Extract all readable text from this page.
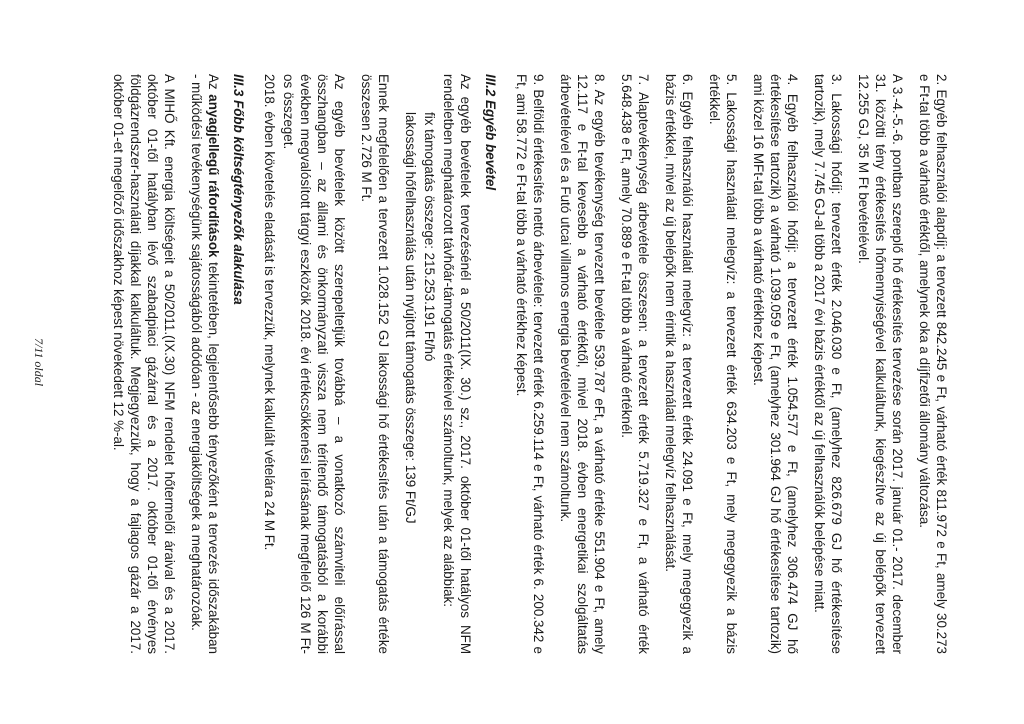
2. Egyéb felhasználói alapdíj: a tervezett 842.245 e Ft, várható érték 811.972 e Ft, amely 30.273 e Ft-tal több a várható értéktől, amelynek oka a díjfizetői állomány változása.

A 3.-4.-5.-6. pontban szereplő hő értékesítés tervezése során 2017. január 01.- 2017. december 31. közötti tény értékesítés hőmennyiségével kalkuláltunk, kiegészítve az új belépők tervezett 12.255 GJ, 35 M Ft bevételével.

3. Lakossági hődíj: tervezett érték 2.046.030 e Ft, (amelyhez 826.679 GJ hő értékesítése tartozik), mely 7.745 GJ-al több a 2017 évi bázis értéktől az új felhasználók belépése miatt.

4. Egyéb felhasználói hődíj: a tervezett érték 1.054.577 e Ft, (amelyhez 306.474 GJ hő értékesítése tartozik) a várható 1.039.059 e Ft, (amelyhez 301.964 GJ hő értékesítése tartozik) ami közel 16 MFt-tal több a várható értékhez képest.

5. Lakossági használati melegvíz: a tervezett érték 634.203 e Ft, mely megegyezik a bázis értékkel.

6. Egyéb felhasználói használati melegvíz: a tervezett érték 24.091 e Ft, mely megegyezik a bázis értékkel, mivel az új belépők nem érintik a használati melegvíz felhasználását.

7. Alaptevékenység árbevétele összesen: a tervezett érték 5.719.327 e Ft, a várható érték 5.648.438 e Ft, amely 70.889 e Ft-tal több a várható értéknél.

8. Az egyéb tevékenység tervezett bevétele 539.787 eFt, a várható értéke 551.904 e Ft, amely 12.117 e Ft-tal kevesebb a várható értéktől, mivel 2018. évben energetikai szolgáltatás árbevételével és a Futó utcai villamos energia bevételével nem számoltunk.

9. Belföldi értékesítés nettó árbevétele: tervezett érték 6.259.114 e Ft, várható érték 6. 200.342 e Ft, ami 58.772 e Ft-tal több a várható értékhez képest.

III.2 Egyéb bevétel

Az egyéb bevételek tervezésénél a 50/2011(IX. 30.) sz., 2017. október 01-től hatályos NFM rendeletben meghatározott távhőár-támogatás értékeivel számoltunk, melyek az alábbiak:

fix támogatás összege: 215.253.191 Ft/hó
lakossági hőfelhasználás után nyújtott támogatás összege: 139 Ft/GJ

Ennek megfelelően a tervezett 1.028.152 GJ lakossági hő értékesítés után a támogatás értéke összesen 2.726 M Ft.

Az egyéb bevételek között szerepeltetjük továbbá – a vonatkozó számviteli előírással összhangban – az állami és önkormányzati vissza nem térítendő támogatásból a korábbi években megvalósított tárgyi eszközök 2018. évi értékcsökkenési leírásának megfelelő 126 M Ft-os összeget.

2018. évben követelés eladását is tervezzük, melynek kalkulált vételára 24 M Ft.

III.3 Főbb költségtényezők alakulása

Az anyagjellegű ráfordítások tekintetében, legjelentősebb tényezőként a tervezés időszakában - működési tevékenységünk sajátosságából adódóan - az energiaköltségek a meghatározóak.

A MIHŐ Kft. energia költségeit a 50/2011.(IX.30) NFM rendelet hőtermelői áraival és a 2017. október 01-től hatályban lévő szabadpiaci gázárral és a 2017. október 01-től érvényes földgázrendszer-használati díjakkal kalkuláltuk. Megjegyezzük, hogy a fajlagos gázár a 2017. október 01-et megelőző időszakhoz képest növekedett 12 %-al.

7/11 oldal
